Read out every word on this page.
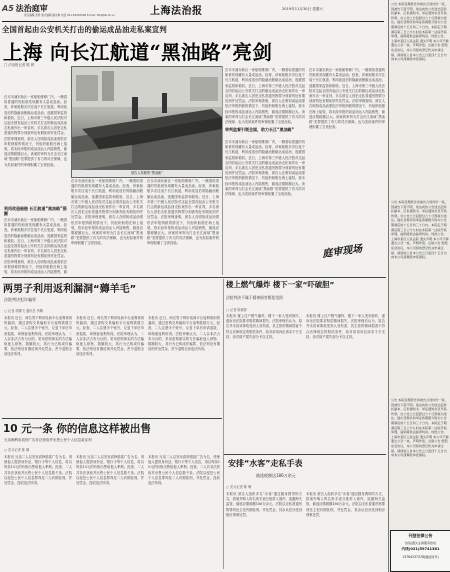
A5 法治庭审
责任编辑 张青 版式编辑 潘永梅 电话 021-63545566 E-mail: fzb@fzb.sh.cn	上海法治报	2019年11月30日 星期六
公告 本院受理原告诉被告合同纠纷一案，因被告下落不明，依法向你公告送达起诉状副本、应诉通知书、举证通知书及开庭传票。自公告之日起经过六十日即视为送达。提出答辩状和举证的期限分别为公告期满后的十五日和三十日内。本院定于期满后第三日上午九时在本院第一法庭开庭审理，逾期将依法缺席判决。特此公告。上海市某区人民法院 遗失声明 本公司不慎遗失公章一枚，声明作废。注销公告 经股东会决议，本公司拟向登记机关申请注销，请债权人自本公告之日起四十五日内向本公司清算组申报债权。
公告 本院受理原告诉被告合同纠纷一案，因被告下落不明，依法向你公告送达起诉状副本、应诉通知书、举证通知书及开庭传票。自公告之日起经过六十日即视为送达。提出答辩状和举证的期限分别为公告期满后的十五日和三十日内。本院定于期满后第三日上午九时在本院第一法庭开庭审理，逾期将依法缺席判决。特此公告。上海市某区人民法院 遗失声明 本公司不慎遗失公章一枚，声明作废。注销公告 经股东会决议，本公司拟向登记机关申请注销，请债权人自本公告之日起四十五日内向本公司清算组申报债权。
公告 本院受理原告诉被告合同纠纷一案，因被告下落不明，依法向你公告送达起诉状副本、应诉通知书、举证通知书及开庭传票。自公告之日起经过六十日即视为送达。提出答辩状和举证的期限分别为公告期满后的十五日和三十日内。本院定于期满后第三日上午九时在本院第一法庭开庭审理，逾期将依法缺席判决。特此公告。上海市某区人民法院 遗失声明 本公司不慎遗失公章一枚，声明作废。注销公告 经股东会决议，本公司拟向登记机关申请注销，请债权人自本公告之日起四十五日内向本公司清算组申报债权。
刊登法律公告
热线|遗失注销服务热线
内线(021)59741381
13764237378(微信同号)
全国首起由公安机关打击的偷运成品油走私案宣判
上海 向长江航道“黑油路”亮剑
□ 法治报记者 陈 烨
被告人驾驶的“黑油船”
在本市浦东新区一家船舶维修厂内，一艘看似普通的货船被发现藏有大量成品油。经查，涉案船舶多次往返于长江航道，利用改造后的隐蔽油舱偷运成品油，逃避国家监管和税收。近日，上海市第三中级人民法院对这起全国首起由公安机关打击的偷运成品油走私案作出一审宣判，多名被告人因犯走私普通货物罪分别被判处有期徒刑并处罚金。法院审理查明，被告人在明知成品油需依法申报纳税的情况下，仍组织船舶在海上接驳，将未经申报的成品油运入内陆销售，偷逃应缴税额巨大。该案的审判为打击长江流域“黑油路”犯罪提供了有力的司法保障，也为类似案件的审理积累了宝贵经验。
利用改造船舶 长江航道“黑油路”猖獗
在本市浦东新区一家船舶维修厂内，一艘看似普通的货船被发现藏有大量成品油。经查，涉案船舶多次往返于长江航道，利用改造后的隐蔽油舱偷运成品油，逃避国家监管和税收。近日，上海市第三中级人民法院对这起全国首起由公安机关打击的偷运成品油走私案作出一审宣判，多名被告人因犯走私普通货物罪分别被判处有期徒刑并处罚金。法院审理查明，被告人在明知成品油需依法申报纳税的情况下，仍组织船舶在海上接驳，将未经申报的成品油运入内陆销售，偷
在本市浦东新区一家船舶维修厂内，一艘看似普通的货船被发现藏有大量成品油。经查，涉案船舶多次往返于长江航道，利用改造后的隐蔽油舱偷运成品油，逃避国家监管和税收。近日，上海市第三中级人民法院对这起全国首起由公安机关打击的偷运成品油走私案作出一审宣判，多名被告人因犯走私普通货物罪分别被判处有期徒刑并处罚金。法院审理查明，被告人在明知成品油需依法申报纳税的情况下，仍组织船舶在海上接驳，将未经申报的成品油运入内陆销售，偷逃应缴税额巨大。该案的审判为打击长江流域“黑油路”犯罪提供了有力的司法保障，也为类似案件的审理积累了宝贵经验。
在本市浦东新区一家船舶维修厂内，一艘看似普通的货船被发现藏有大量成品油。经查，涉案船舶多次往返于长江航道，利用改造后的隐蔽油舱偷运成品油，逃避国家监管和税收。近日，上海市第三中级人民法院对这起全国首起由公安机关打击的偷运成品油走私案作出一审宣判，多名被告人因犯走私普通货物罪分别被判处有期徒刑并处罚金。法院审理查明，被告人在明知成品油需依法申报纳税的情况下，仍组织船舶在海上接驳，将未经申报的成品油运入内陆销售，偷逃应缴税额巨大。该案的审判为打击长江流域“黑油路”犯罪提供了有力的司法保障，也为类似案件的审理积累了宝贵经验。
在本市浦东新区一家船舶维修厂内，一艘看似普通的货船被发现藏有大量成品油。经查，涉案船舶多次往返于长江航道，利用改造后的隐蔽油舱偷运成品油，逃避国家监管和税收。近日，上海市第三中级人民法院对这起全国首起由公安机关打击的偷运成品油走私案作出一审宣判，多名被告人因犯走私普通货物罪分别被判处有期徒刑并处罚金。法院审理查明，被告人在明知成品油需依法申报纳税的情况下，仍组织船舶在海上接驳，将未经申报的成品油运入内陆销售，偷逃应缴税额巨大。该案的审判为打击长江流域“黑油路”犯罪提供了有力的司法保障，也为类似案件的审理积累了宝贵经验。
审判监督引领全国，助力长江“黑油路”
在本市浦东新区一家船舶维修厂内，一艘看似普通的货船被发现藏有大量成品油。经查，涉案船舶多次往返于长江航道，利用改造后的隐蔽油舱偷运成品油，逃避国家监管和税收。近日，上海市第三中级人民法院对这起全国首起由公安机关打击的偷运成品油走私案作出一审宣判，多名被告人因犯走私普通货物罪分别被判处有期徒刑并处罚金。法院审理查明，被告人在明知成品油需依法申报纳税的情况下，仍组织船舶在海上接驳，将未经申报的成品油运入内陆销售，偷逃应缴税额巨大。该案的审判为打击长江流域“黑油路”犯罪提供了有力的司法保障，也为类似案件的审理积累了宝贵经验。
在本市浦东新区一家船舶维修厂内，一艘看似普通的货船被发现藏有大量成品油。经查，涉案船舶多次往返于长江航道，利用改造后的隐蔽油舱偷运成品油，逃避国家监管和税收。近日，上海市第三中级人民法院对这起全国首起由公安机关打击的偷运成品油走私案作出一审宣判，多名被告人因犯走私普通货物罪分别被判处有期徒刑并处罚金。法院审理查明，被告人在明知成品油需依法申报纳税的情况下，仍组织船舶在海上接驳，将未经申报的成品油运入内陆销售，偷逃应缴税额巨大。该案的审判为打击长江流域“黑油路”犯罪提供了有力的司法保障，也为类似案件的审理积累了宝贵经验。
庭审现场
两男子利用返利漏洞“薅羊毛”
法院判决犯诈骗罪
□ 记者 胡蝶飞 通讯员 李腾
本报讯 近日，两名男子利用电商平台返利规则的漏洞，通过虚构交易骗取平台返利款数万元。经查，二人注册多个账号，反复下单后申请退款，却保留返利所得。法院审理认为，二人以非法占有为目的，采用虚构事实的方法骗取他人财物，数额较大，其行为已构成诈骗罪，依法判处有期徒刑并处罚金，责令退赔全部违法所得。
本报讯 近日，两名男子利用电商平台返利规则的漏洞，通过虚构交易骗取平台返利款数万元。经查，二人注册多个账号，反复下单后申请退款，却保留返利所得。法院审理认为，二人以非法占有为目的，采用虚构事实的方法骗取他人财物，数额较大，其行为已构成诈骗罪，依法判处有期徒刑并处罚金，责令退赔全部违法所得。
本报讯 近日，两名男子利用电商平台返利规则的漏洞，通过虚构交易骗取平台返利款数万元。经查，二人注册多个账号，反复下单后申请退款，却保留返利所得。法院审理认为，二人以非法占有为目的，采用虚构事实的方法骗取他人财物，数额较大，其行为已构成诈骗罪，依法判处有期徒刑并处罚金，责令退赔全部违法所得。
楼上燃气爆炸 楼下一家“吓破胆”
法院判决不属于精神损害赔偿范围
□ 记者 陈颖婷
本报讯 楼上住户燃气爆炸，楼下一家人受到惊吓，遂诉至法院要求赔偿精神损失。法院审理后认为，原告并未因该事故受到人身伤害，其主张的精神损害不符合法律规定的赔偿条件，故对该项诉讼请求不予支持，但对财产损失部分予以支持。
本报讯 楼上住户燃气爆炸，楼下一家人受到惊吓，遂诉至法院要求赔偿精神损失。法院审理后认为，原告并未因该事故受到人身伤害，其主张的精神损害不符合法律规定的赔偿条件，故对该项诉讼请求不予支持，但对财产损失部分予以支持。
10 元一条 你的信息这样被出售
兄弟俩利用质押广告非法获取并出售公民个人信息某宣判
□ 见习记者 陈 琳
本报讯 兄弟二人以发布质押借款广告为名，诱使他人提供身份证、银行卡等个人信息，再以每条10元的价格出售给他人牟利。经查，二人共非法获取并出售公民个人信息数千条。法院以侵犯公民个人信息罪判处二人有期徒刑，并处罚金，没收违法所得。
本报讯 兄弟二人以发布质押借款广告为名，诱使他人提供身份证、银行卡等个人信息，再以每条10元的价格出售给他人牟利。经查，二人共非法获取并出售公民个人信息数千条。法院以侵犯公民个人信息罪判处二人有期徒刑，并处罚金，没收违法所得。
本报讯 兄弟二人以发布质押借款广告为名，诱使他人提供身份证、银行卡等个人信息，再以每条10元的价格出售给他人牟利。经查，二人共非法获取并出售公民个人信息数千条。法院以侵犯公民个人信息罪判处二人有期徒刑，并处罚金，没收违法所得。
安排“水客”走私手表
偷逃税额达186万余元
□ 见习记者 陈 琳
本报讯 被告人组织多名“水客”通过随身携带的方式，将境外购入的名贵手表分批带入境内，逃避海关监管，偷逃应缴税额186万余元。法院以走私普通货物罪判处主犯有期徒刑，并处罚金，其余从犯亦受到相应刑事处罚。
本报讯 被告人组织多名“水客”通过随身携带的方式，将境外购入的名贵手表分批带入境内，逃避海关监管，偷逃应缴税额186万余元。法院以走私普通货物罪判处主犯有期徒刑，并处罚金，其余从犯亦受到相应刑事处罚。
